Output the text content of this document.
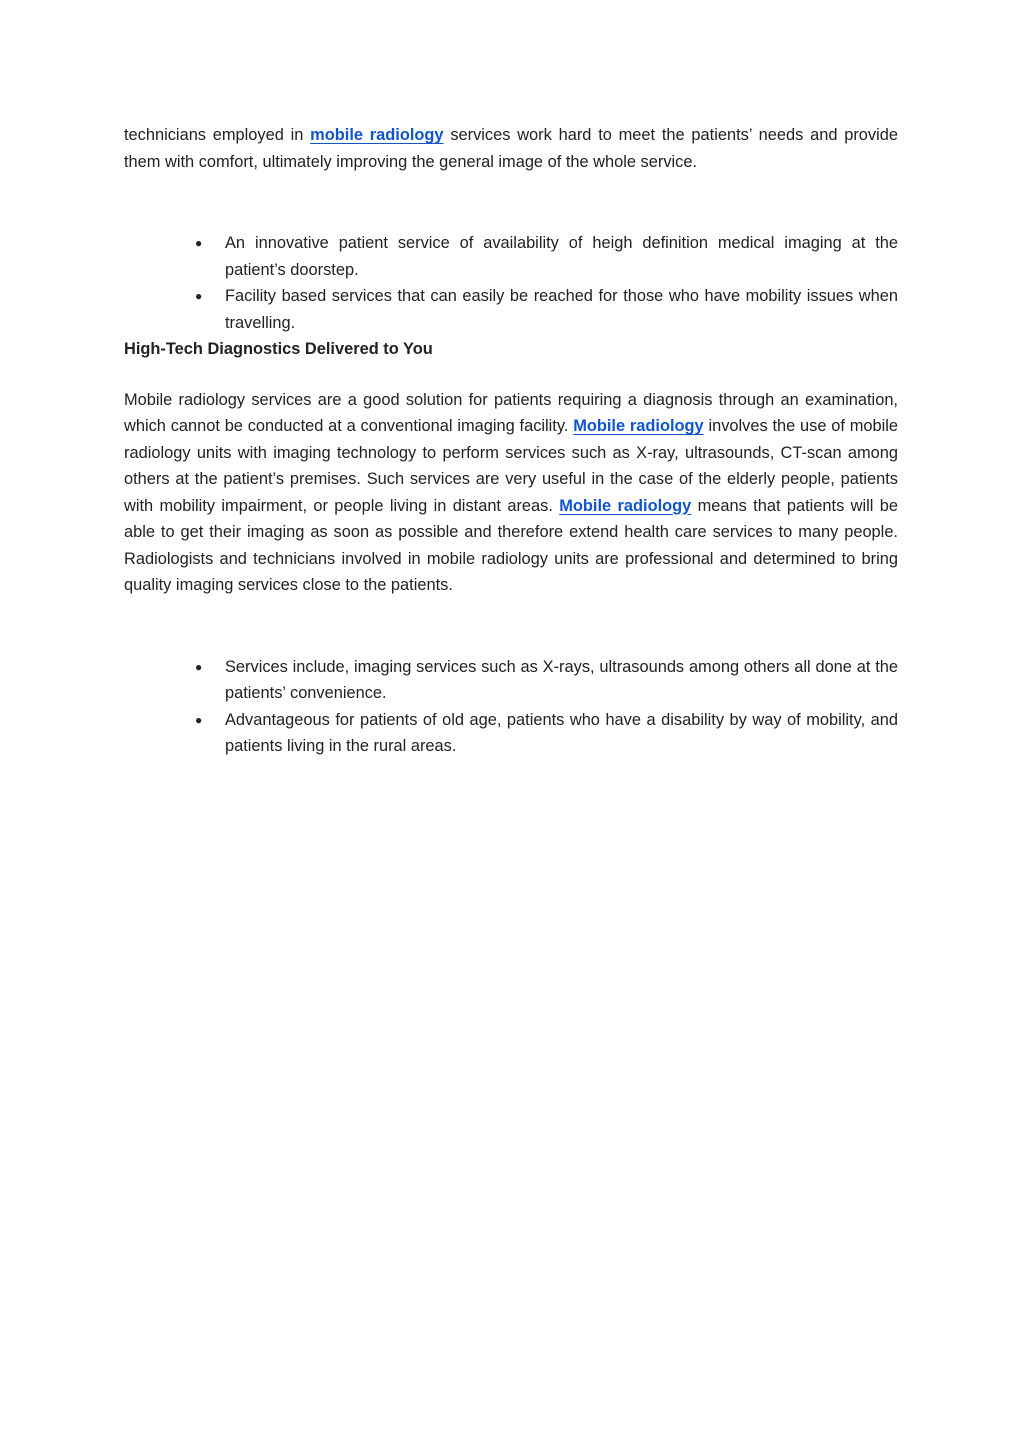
technicians employed in mobile radiology services work hard to meet the patients’ needs and provide them with comfort, ultimately improving the general image of the whole service.

● An innovative patient service of availability of heigh definition medical imaging at the patient’s doorstep.
● Facility based services that can easily be reached for those who have mobility issues when travelling.
High-Tech Diagnostics Delivered to You

Mobile radiology services are a good solution for patients requiring a diagnosis through an examination, which cannot be conducted at a conventional imaging facility. Mobile radiology involves the use of mobile radiology units with imaging technology to perform services such as X-ray, ultrasounds, CT-scan among others at the patient’s premises. Such services are very useful in the case of the elderly people, patients with mobility impairment, or people living in distant areas. Mobile radiology means that patients will be able to get their imaging as soon as possible and therefore extend health care services to many people. Radiologists and technicians involved in mobile radiology units are professional and determined to bring quality imaging services close to the patients.

● Services include, imaging services such as X-rays, ultrasounds among others all done at the patients’ convenience.
● Advantageous for patients of old age, patients who have a disability by way of mobility, and patients living in the rural areas.
